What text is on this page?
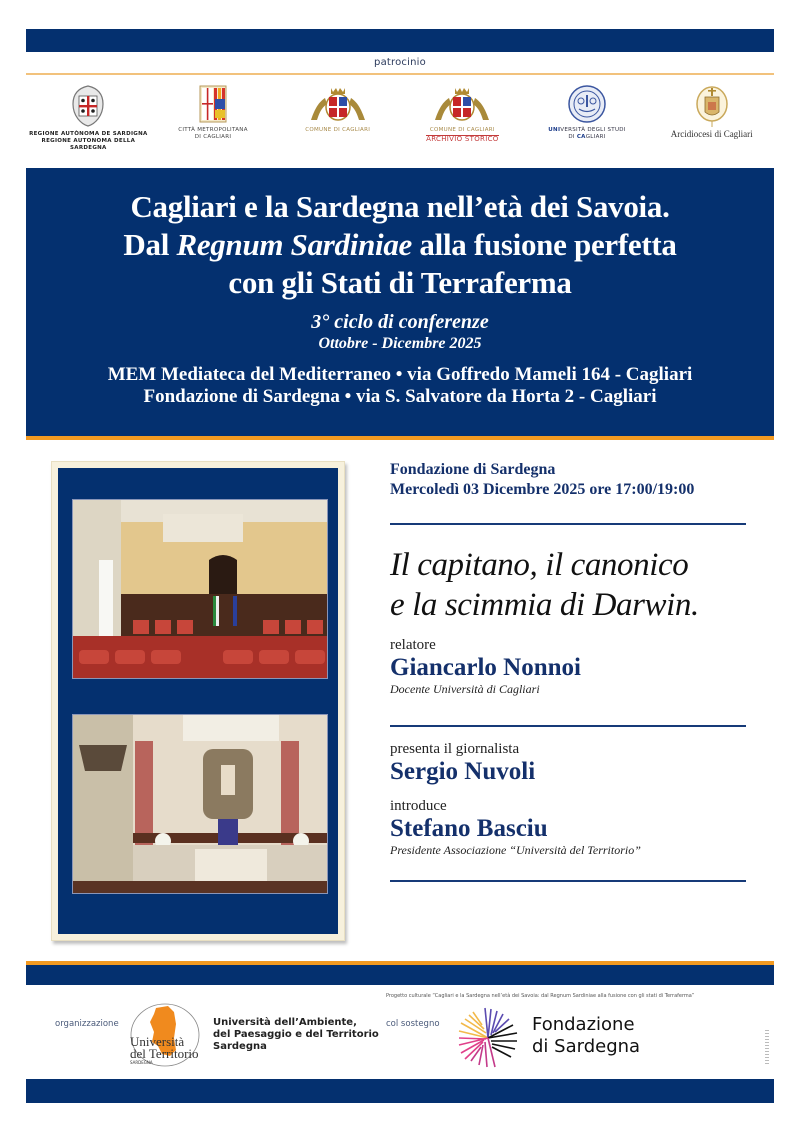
patrocinio
REGIONE AUTÒNOMA DE SARDIGNA
REGIONE AUTONOMA DELLA SARDEGNA
CITTÀ METROPOLITANA
DI CAGLIARI
COMUNE DI CAGLIARI	COMUNE DI CAGLIARI
ARCHIVIO STORICO
UNIVERSITÀ DEGLI STUDI
DI CAGLIARI	Arcidiocesi di Cagliari
Cagliari e la Sardegna nell’età dei Savoia.
Dal Regnum Sardiniae alla fusione perfetta
con gli Stati di Terraferma
3° ciclo di conferenze
Ottobre - Dicembre 2025
MEM Mediateca del Mediterraneo • via Goffredo Mameli 164 - Cagliari
Fondazione di Sardegna • via S. Salvatore da Horta 2 - Cagliari
Fondazione di Sardegna
Mercoledì 03 Dicembre 2025 ore 17:00/19:00
Il capitano, il canonico
e la scimmia di Darwin.
relatore
Giancarlo Nonnoi
Docente Università di Cagliari
presenta il giornalista
Sergio Nuvoli
introduce
Stefano Basciu
Presidente Associazione “Università del Territorio”
organizzazione
Università
del Territorio
SARDEGNA
Università dell’Ambiente,
del Paesaggio e del Territorio
Sardegna
Progetto culturale “Cagliari e la Sardegna nell’età dei Savoia: dal Regnum Sardiniae alla fusione con gli stati di Terraferma”
col sostegno	Fondazione
di Sardegna
